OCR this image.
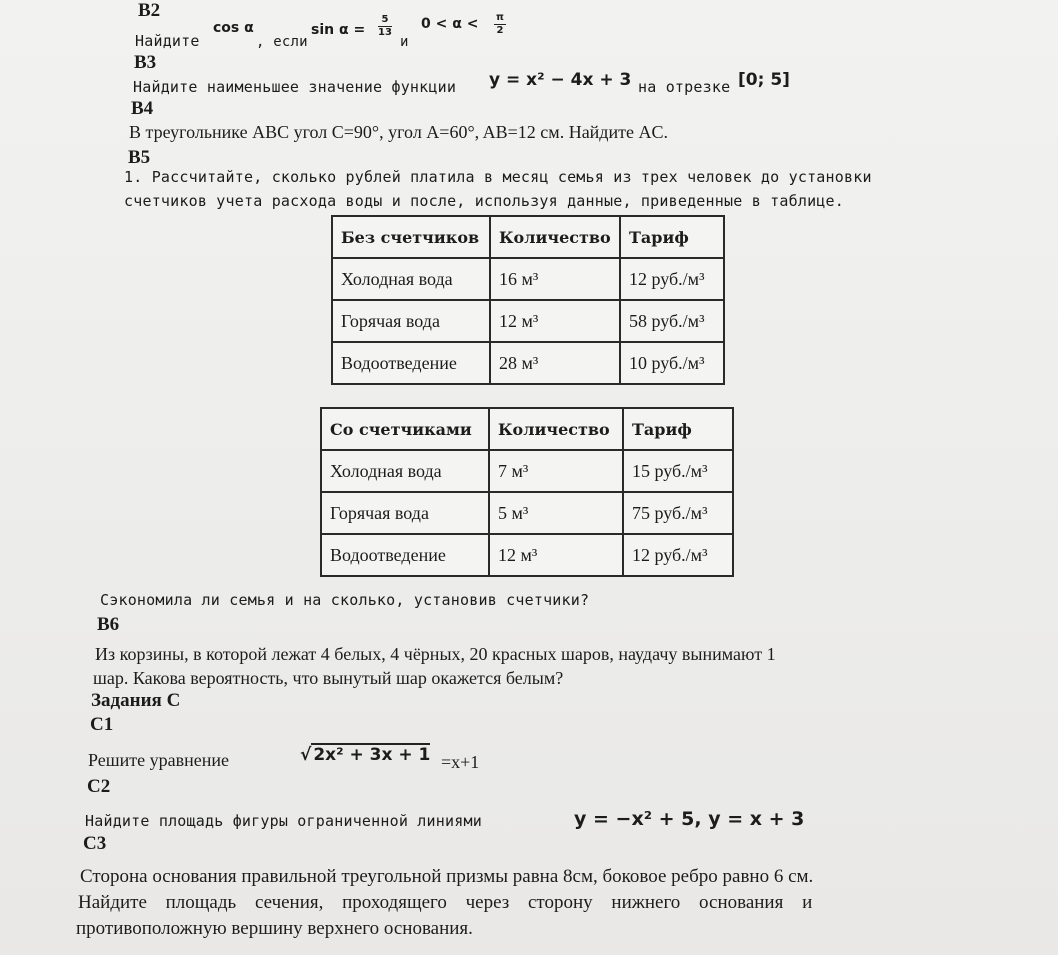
B2
Найдите
cos α
, если
$\sin \alpha = \frac{5}{13}$
и
$0 < \alpha < \frac{\pi}{2}$
B3
Найдите наименьшее значение функции y = x² − 4x + 3 на отрезке [0; 5]
B4
В треугольнике ABC угол C=90°, угол A=60°, AB=12 см. Найдите AC.
B5
1. Рассчитайте, сколько рублей платила в месяц семья из трех человек до установки
счетчиков учета расхода воды и после, используя данные, приведенные в таблице.
Без счетчиков	Количество	Тариф
Холодная вода	16 м³	12 руб./м³
Горячая вода	12 м³	58 руб./м³
Водоотведение	28 м³	10 руб./м³
Со счетчиками	Количество	Тариф
Холодная вода	7 м³	15 руб./м³
Горячая вода	5 м³	75 руб./м³
Водоотведение	12 м³	12 руб./м³
Сэкономила ли семья и на сколько, установив счетчики?
B6
Из корзины, в которой лежат 4 белых, 4 чёрных, 20 красных шаров, наудачу вынимают 1
шар. Какова вероятность, что вынутый шар окажется белым?
Задания С
С1
Решите уравнение	√ 2x² + 3x + 1 =x+1
С2
Найдите площадь фигуры ограниченной линиями	y = −x² + 5, y = x + 3
С3
Сторона основания правильной треугольной призмы равна 8см, боковое ребро равно 6 см.
Найдите площадь сечения, проходящего через сторону нижнего основания и
противоположную вершину верхнего основания.
